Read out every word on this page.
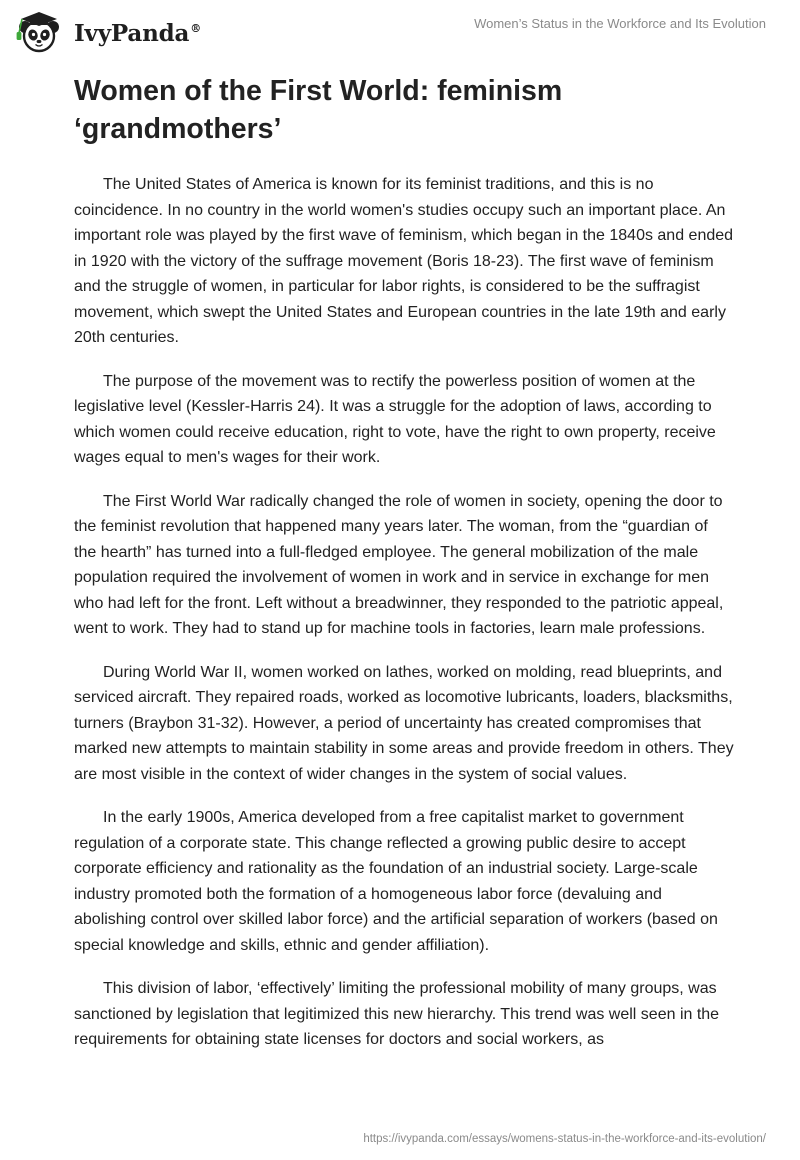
IvyPanda®	Women’s Status in the Workforce and Its Evolution
Women of the First World: feminism ‘grandmothers’

The United States of America is known for its feminist traditions, and this is no coincidence. In no country in the world women's studies occupy such an important place. An important role was played by the first wave of feminism, which began in the 1840s and ended in 1920 with the victory of the suffrage movement (Boris 18-23). The first wave of feminism and the struggle of women, in particular for labor rights, is considered to be the suffragist movement, which swept the United States and European countries in the late 19th and early 20th centuries.

The purpose of the movement was to rectify the powerless position of women at the legislative level (Kessler-Harris 24). It was a struggle for the adoption of laws, according to which women could receive education, right to vote, have the right to own property, receive wages equal to men's wages for their work.

The First World War radically changed the role of women in society, opening the door to the feminist revolution that happened many years later. The woman, from the “guardian of the hearth” has turned into a full-fledged employee. The general mobilization of the male population required the involvement of women in work and in service in exchange for men who had left for the front. Left without a breadwinner, they responded to the patriotic appeal, went to work. They had to stand up for machine tools in factories, learn male professions.

During World War II, women worked on lathes, worked on molding, read blueprints, and serviced aircraft. They repaired roads, worked as locomotive lubricants, loaders, blacksmiths, turners (Braybon 31-32). However, a period of uncertainty has created compromises that marked new attempts to maintain stability in some areas and provide freedom in others. They are most visible in the context of wider changes in the system of social values.

In the early 1900s, America developed from a free capitalist market to government regulation of a corporate state. This change reflected a growing public desire to accept corporate efficiency and rationality as the foundation of an industrial society. Large-scale industry promoted both the formation of a homogeneous labor force (devaluing and abolishing control over skilled labor force) and the artificial separation of workers (based on special knowledge and skills, ethnic and gender affiliation).

This division of labor, ‘effectively’ limiting the professional mobility of many groups, was sanctioned by legislation that legitimized this new hierarchy. This trend was well seen in the requirements for obtaining state licenses for doctors and social workers, as

https://ivypanda.com/essays/womens-status-in-the-workforce-and-its-evolution/
